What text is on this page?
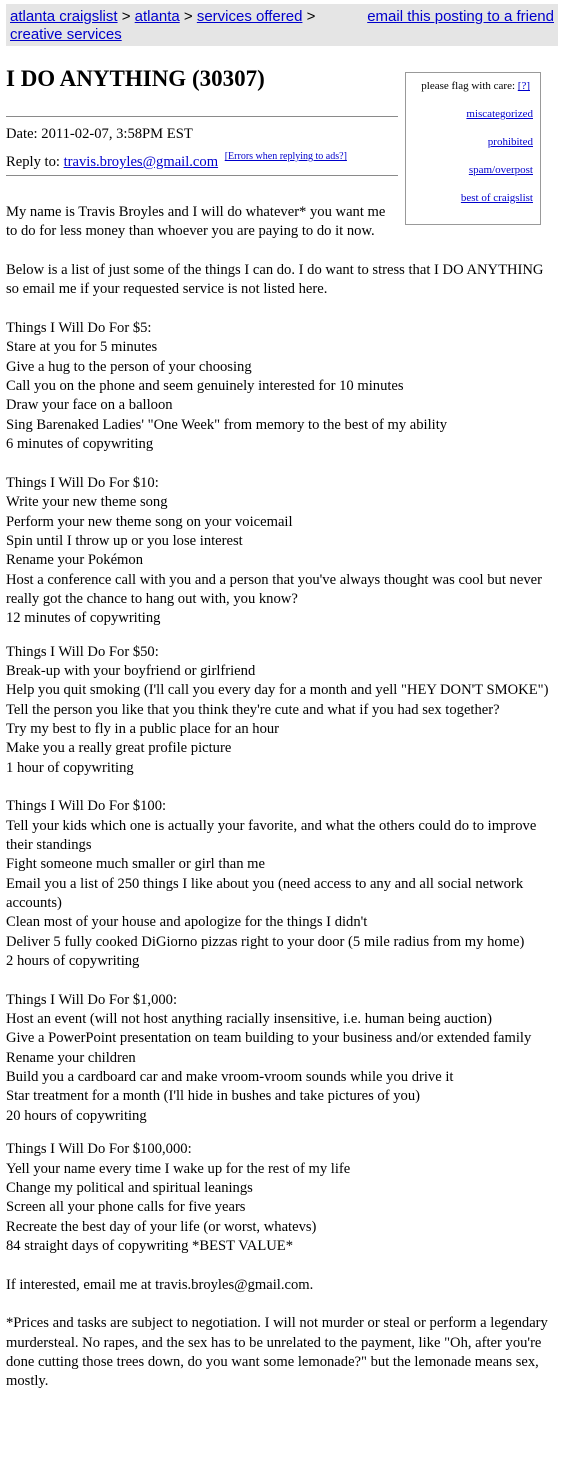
atlanta craigslist > atlanta > services offered >	email this posting to a friend
creative services
I DO ANYTHING (30307)
Date: 2011-02-07, 3:58PM EST
Reply to: travis.broyles@gmail.com [Errors when replying to ads?]
please flag with care: [?]
miscategorized
prohibited
spam/overpost
best of craigslist

My name is Travis Broyles and I will do whatever* you want me to do for less money than whoever you are paying to do it now.

Below is a list of just some of the things I can do. I do want to stress that I DO ANYTHING so email me if your requested service is not listed here.

Things I Will Do For $5:
Stare at you for 5 minutes
Give a hug to the person of your choosing
Call you on the phone and seem genuinely interested for 10 minutes
Draw your face on a balloon
Sing Barenaked Ladies' "One Week" from memory to the best of my ability
6 minutes of copywriting
Things I Will Do For $10:
Write your new theme song
Perform your new theme song on your voicemail
Spin until I throw up or you lose interest
Rename your Pokémon
Host a conference call with you and a person that you've always thought was cool but never really got the chance to hang out with, you know?
12 minutes of copywriting
Things I Will Do For $50:
Break-up with your boyfriend or girlfriend
Help you quit smoking (I'll call you every day for a month and yell "HEY DON'T SMOKE")
Tell the person you like that you think they're cute and what if you had sex together?
Try my best to fly in a public place for an hour
Make you a really great profile picture
1 hour of copywriting
Things I Will Do For $100:
Tell your kids which one is actually your favorite, and what the others could do to improve their standings
Fight someone much smaller or girl than me
Email you a list of 250 things I like about you (need access to any and all social network accounts)
Clean most of your house and apologize for the things I didn't
Deliver 5 fully cooked DiGiorno pizzas right to your door (5 mile radius from my home)
2 hours of copywriting
Things I Will Do For $1,000:
Host an event (will not host anything racially insensitive, i.e. human being auction)
Give a PowerPoint presentation on team building to your business and/or extended family
Rename your children
Build you a cardboard car and make vroom-vroom sounds while you drive it
Star treatment for a month (I'll hide in bushes and take pictures of you)
20 hours of copywriting
Things I Will Do For $100,000:
Yell your name every time I wake up for the rest of my life
Change my political and spiritual leanings
Screen all your phone calls for five years
Recreate the best day of your life (or worst, whatevs)
84 straight days of copywriting *BEST VALUE*

If interested, email me at travis.broyles@gmail.com.

*Prices and tasks are subject to negotiation. I will not murder or steal or perform a legendary murdersteal. No rapes, and the sex has to be unrelated to the payment, like "Oh, after you're done cutting those trees down, do you want some lemonade?" but the lemonade means sex, mostly.
